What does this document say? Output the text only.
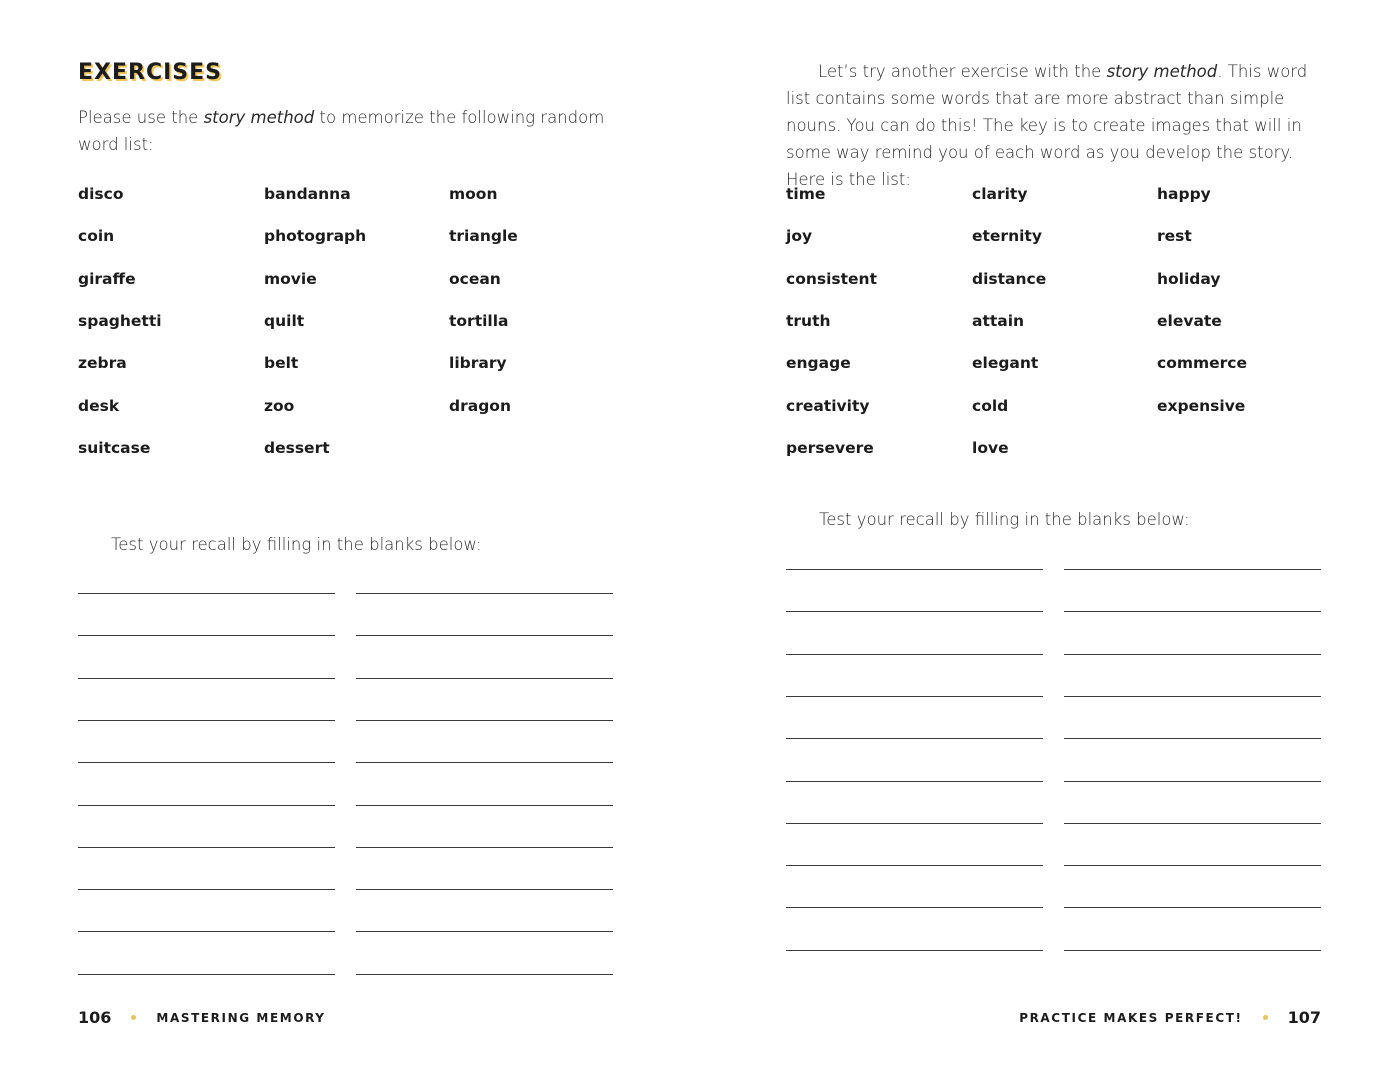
EXERCISES

Please use the story method to memorize the following random word list:

disco
coin
giraffe
spaghetti
zebra
desk
suitcase
bandanna
photograph
movie
quilt
belt
zoo
dessert
moon
triangle
ocean
tortilla
library
dragon

Test your recall by filling in the blanks below:

106	MASTERING MEMORY

Let’s try another exercise with the story method. This word list contains some words that are more abstract than simple nouns. You can do this! The key is to create images that will in some way remind you of each word as you develop the story. Here is the list:

time
joy
consistent
truth
engage
creativity
persevere
clarity
eternity
distance
attain
elegant
cold
love
happy
rest
holiday
elevate
commerce
expensive

Test your recall by filling in the blanks below:

PRACTICE MAKES PERFECT!	107
